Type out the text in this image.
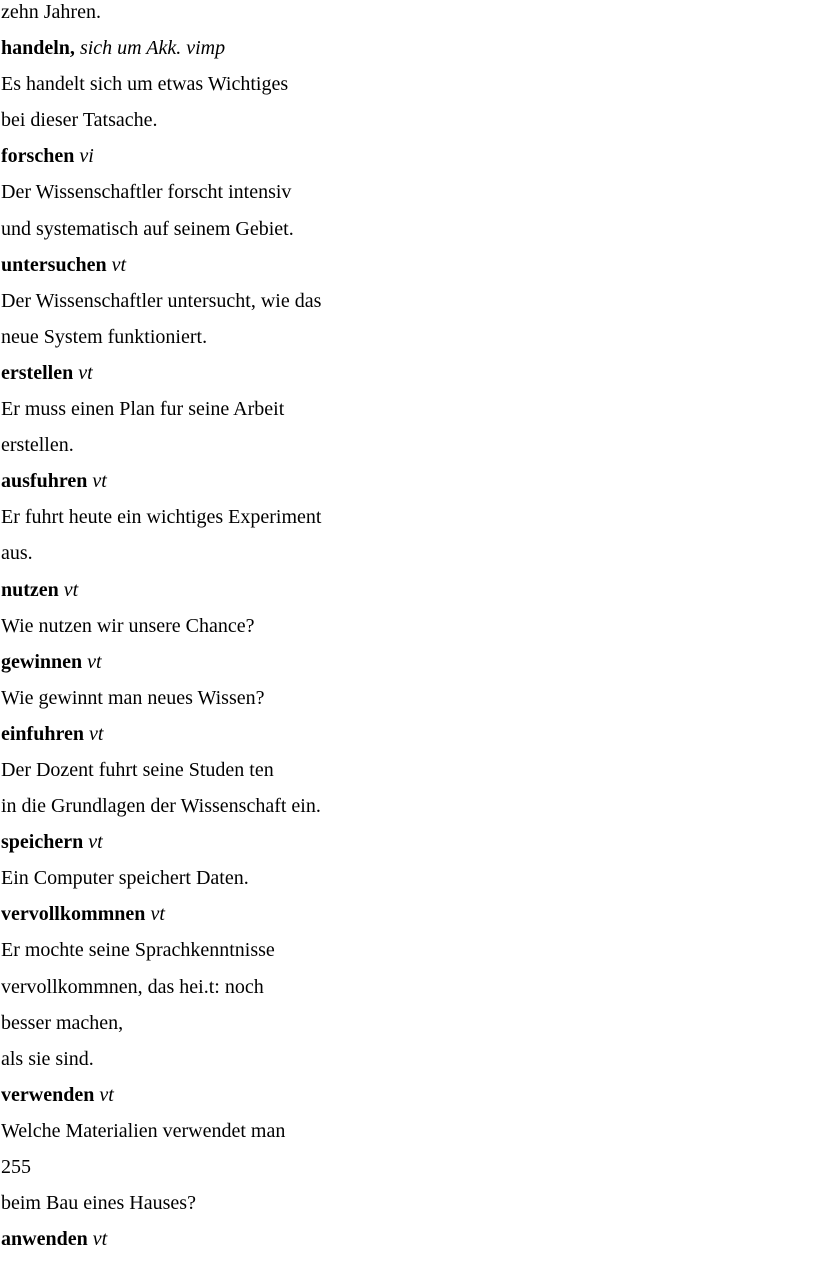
zehn Jahren.
handeln, sich um Akk. vimp
Es handelt sich um etwas Wichtiges
bei dieser Tatsache.
forschen vi
Der Wissenschaftler forscht intensiv
und systematisch auf seinem Gebiet.
untersuchen vt
Der Wissenschaftler untersucht, wie das
neue System funktioniert.
erstellen vt
Er muss einen Plan fur seine Arbeit
erstellen.
ausfuhren vt
Er fuhrt heute ein wichtiges Experiment
aus.
nutzen vt
Wie nutzen wir unsere Chance?
gewinnen vt
Wie gewinnt man neues Wissen?
einfuhren vt
Der Dozent fuhrt seine Studen ten
in die Grundlagen der Wissenschaft ein.
speichern vt
Ein Computer speichert Daten.
vervollkommnen vt
Er mochte seine Sprachkenntnisse
vervollkommnen, das hei.t: noch
besser machen,
als sie sind.
verwenden vt
Welche Materialien verwendet man
255
beim Bau eines Hauses?
anwenden vt
